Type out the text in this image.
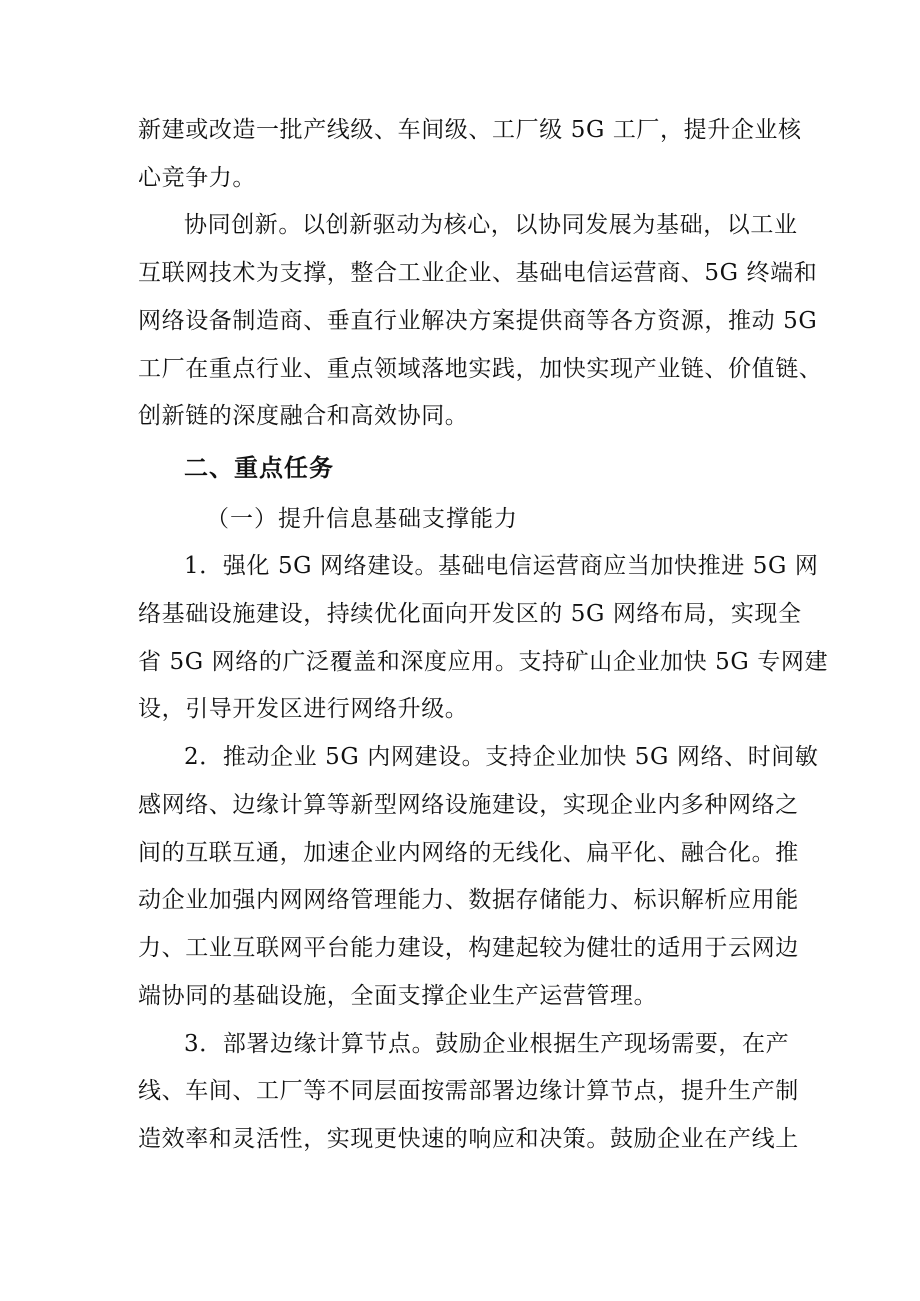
新建或改造一批产线级、车间级、工厂级 5G 工厂，提升企业核
心竞争力。
协同创新。以创新驱动为核心，以协同发展为基础，以工业
互联网技术为支撑，整合工业企业、基础电信运营商、5G 终端和
网络设备制造商、垂直行业解决方案提供商等各方资源，推动 5G
工厂在重点行业、重点领域落地实践，加快实现产业链、价值链、
创新链的深度融合和高效协同。
二、重点任务
（一）提升信息基础支撑能力
1．强化 5G 网络建设。基础电信运营商应当加快推进 5G 网
络基础设施建设，持续优化面向开发区的 5G 网络布局，实现全
省 5G 网络的广泛覆盖和深度应用。支持矿山企业加快 5G 专网建
设，引导开发区进行网络升级。
2．推动企业 5G 内网建设。支持企业加快 5G 网络、时间敏
感网络、边缘计算等新型网络设施建设，实现企业内多种网络之
间的互联互通，加速企业内网络的无线化、扁平化、融合化。推
动企业加强内网网络管理能力、数据存储能力、标识解析应用能
力、工业互联网平台能力建设，构建起较为健壮的适用于云网边
端协同的基础设施，全面支撑企业生产运营管理。
3．部署边缘计算节点。鼓励企业根据生产现场需要，在产
线、车间、工厂等不同层面按需部署边缘计算节点，提升生产制
造效率和灵活性，实现更快速的响应和决策。鼓励企业在产线上
